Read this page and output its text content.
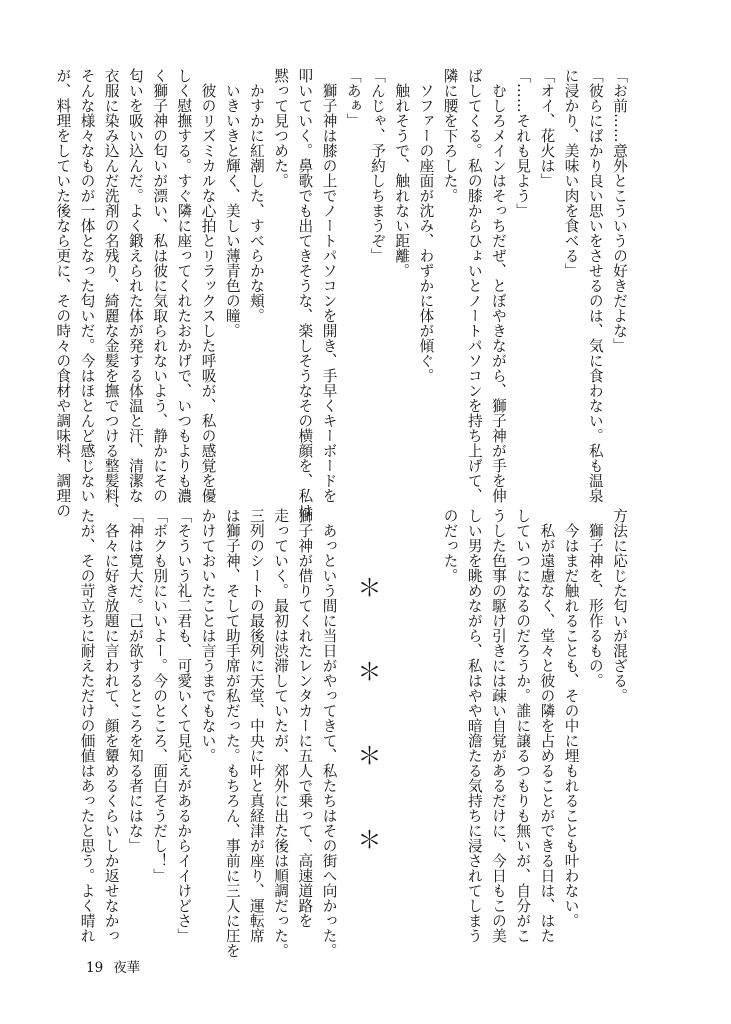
「お前……意外とこういうの好きだよな」
「彼らにばかり良い思いをさせるのは、気に食わない。私も温泉
に浸かり、美味い肉を食べる」
「オイ、花火は」
「……それも見よう」
　むしろメインはそっちだぜ、とぼやきながら、獅子神が手を伸
ばしてくる。私の膝からひょいとノートパソコンを持ち上げて、
隣に腰を下ろした。
　ソファーの座面が沈み、わずかに体が傾ぐ。
　触れそうで、触れない距離。
「んじゃ、予約しちまうぞ」
「あぁ」
　獅子神は膝の上でノートパソコンを開き、手早くキーボードを
叩いていく。鼻歌でも出てきそうな、楽しそうなその横顔を、私は
黙って見つめた。
　かすかに紅潮した、すべらかな頬。
　いきいきと輝く、美しい薄青色の瞳。
　彼のリズミカルな心拍とリラックスした呼吸が、私の感覚を優
しく慰撫する。すぐ隣に座ってくれたおかげで、いつもよりも濃
く獅子神の匂いが漂い、私は彼に気取られないよう、静かにその
匂いを吸い込んだ。よく鍛えられた体が発する体温と汗、清潔な
衣服に染み込んだ洗剤の名残り、綺麗な金髪を撫でつける整髪料、
そんな様々なものが一体となった匂いだ。今はほとんど感じない
が、料理をしていた後なら更に、その時々の食材や調味料、調理の
＊　＊　＊　＊	方法に応じた匂いが混ざる。
　獅子神を、形作るもの。
　今はまだ触れることも、その中に埋もれることも叶わない。
　私が遠慮なく、堂々と彼の隣を占めることができる日は、はた
していつになるのだろうか。誰に譲るつもりも無いが、自分がこ
うした色事の駆け引きには疎い自覚があるだけに、今日もこの美
しい男を眺めながら、私はやや暗澹たる気持ちに浸されてしまう
のだった。
　あっという間に当日がやってきて、私たちはその街へ向かった。
獅子神が借りてくれたレンタカーに五人で乗って、高速道路を
走っていく。最初は渋滞していたが、郊外に出た後は順調だった。
三列のシートの最後列に天堂、中央に叶と真経津が座り、運転席
は獅子神、そして助手席が私だった。もちろん、事前に三人に圧を
かけておいたことは言うまでもない。
「そういう礼二君も、可愛いくて見応えがあるからイイけどさ」
「ボクも別にいいよー。今のところ、面白そうだし！」
「神は寛大だ。己が欲するところを知る者にはな」
　各々に好き放題に言われて、顔を顰めるくらいしか返せなかっ
たが、その苛立ちに耐えただけの価値はあったと思う。よく晴れ
19 夜華
